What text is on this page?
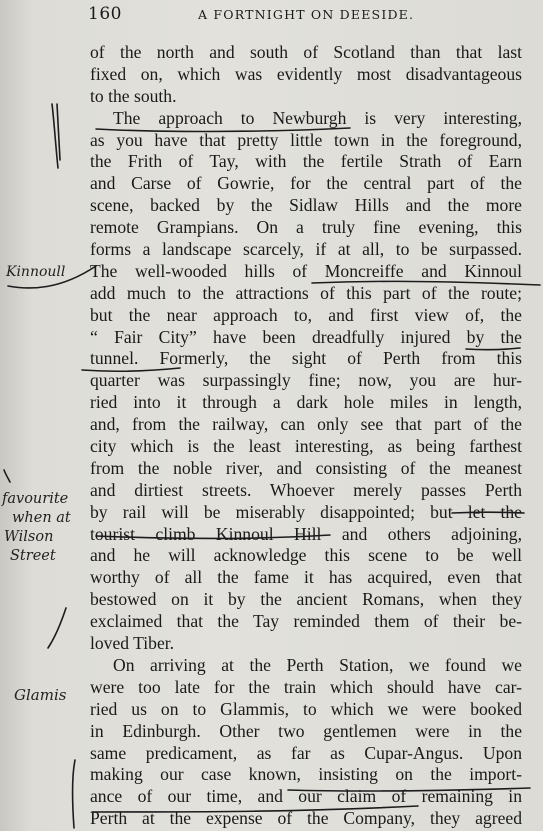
160	A FORTNIGHT ON DEESIDE.
of the north and south of Scotland than that last
fixed on, which was evidently most disadvantageous
to the south.
The approach to Newburgh is very interesting,
as you have that pretty little town in the foreground,
the Frith of Tay, with the fertile Strath of Earn
and Carse of Gowrie, for the central part of the
scene, backed by the Sidlaw Hills and the more
remote Grampians. On a truly fine evening, this
forms a landscape scarcely, if at all, to be surpassed.
The well-wooded hills of Moncreiffe and Kinnoul
add much to the attractions of this part of the route;
but the near approach to, and first view of, the
“ Fair City” have been dreadfully injured by the
tunnel. Formerly, the sight of Perth from this
quarter was surpassingly fine; now, you are hur-
ried into it through a dark hole miles in length,
and, from the railway, can only see that part of the
city which is the least interesting, as being farthest
from the noble river, and consisting of the meanest
and dirtiest streets. Whoever merely passes Perth
by rail will be miserably disappointed; but let the
tourist climb Kinnoul Hill and others adjoining,
and he will acknowledge this scene to be well
worthy of all the fame it has acquired, even that
bestowed on it by the ancient Romans, when they
exclaimed that the Tay reminded them of their be-
loved Tiber.
On arriving at the Perth Station, we found we
were too late for the train which should have car-
ried us on to Glammis, to which we were booked
in Edinburgh. Other two gentlemen were in the
same predicament, as far as Cupar-Angus. Upon
making our case known, insisting on the import-
ance of our time, and our claim of remaining in
Perth at the expense of the Company, they agreed
Kinnoull
favourite
when at
Wilson
Street
Glamis
